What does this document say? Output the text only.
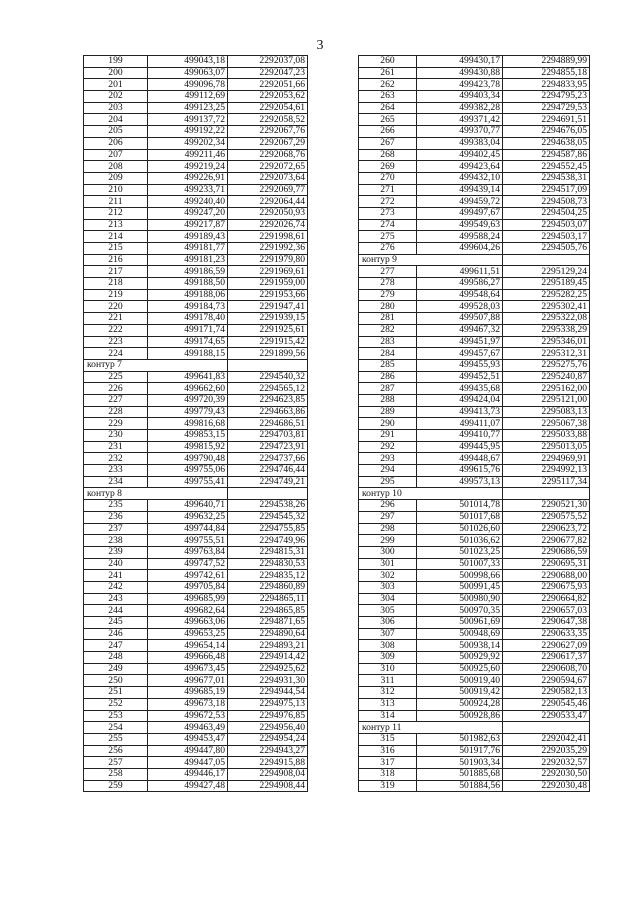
3
199	499043,18	2292037,08
200	499063,07	2292047,23
201	499096,78	2292051,66
202	499112,69	2292053,62
203	499123,25	2292054,61
204	499137,72	2292058,52
205	499192,22	2292067,76
206	499202,34	2292067,29
207	499211,46	2292068,76
208	499219,24	2292072,65
209	499226,91	2292073,64
210	499233,71	2292069,77
211	499240,40	2292064,44
212	499247,20	2292050,93
213	499217,87	2292026,74
214	499189,43	2291998,61
215	499181,77	2291992,36
216	499181,23	2291979,80
217	499186,59	2291969,61
218	499188,50	2291959,00
219	499188,06	2291953,66
220	499184,73	2291947,41
221	499178,40	2291939,15
222	499171,74	2291925,61
223	499174,65	2291915,42
224	499188,15	2291899,56
контур 7		
225	499641,83	2294540,32
226	499662,60	2294565,12
227	499720,39	2294623,85
228	499779,43	2294663,86
229	499816,68	2294686,51
230	499853,15	2294703,81
231	499815,92	2294723,91
232	499790,48	2294737,66
233	499755,06	2294746,44
234	499755,41	2294749,21
контур 8		
235	499640,71	2294538,26
236	499632,25	2294545,32
237	499744,84	2294755,85
238	499755,51	2294749,96
239	499763,84	2294815,31
240	499747,52	2294830,53
241	499742,61	2294835,12
242	499705,84	2294860,89
243	499685,99	2294865,11
244	499682,64	2294865,85
245	499663,06	2294871,65
246	499653,25	2294890,64
247	499654,14	2294893,21
248	499666,48	2294914,42
249	499673,45	2294925,62
250	499677,01	2294931,30
251	499685,19	2294944,54
252	499673,18	2294975,13
253	499672,53	2294976,85
254	499463,49	2294956,40
255	499453,47	2294954,24
256	499447,80	2294943,27
257	499447,05	2294915,88
258	499446,17	2294908,04
259	499427,48	2294908,44
260	499430,17	2294889,99
261	499430,88	2294855,18
262	499423,78	2294833,95
263	499403,34	2294795,23
264	499382,28	2294729,53
265	499371,42	2294691,51
266	499370,77	2294676,05
267	499383,04	2294638,05
268	499402,45	2294587,86
269	499423,64	2294552,45
270	499432,10	2294538,31
271	499439,14	2294517,09
272	499459,72	2294508,73
273	499497,67	2294504,25
274	499549,63	2294503,07
275	499588,24	2294503,17
276	499604,26	2294505,76
контур 9		
277	499611,51	2295129,24
278	499586,27	2295189,45
279	499548,64	2295282,25
280	499528,03	2295302,41
281	499507,88	2295322,08
282	499467,32	2295338,29
283	499451,97	2295346,01
284	499457,67	2295312,31
285	499455,93	2295275,76
286	499452,51	2295240,87
287	499435,68	2295162,00
288	499424,04	2295121,00
289	499413,73	2295083,13
290	499411,07	2295067,38
291	499410,77	2295033,88
292	499445,95	2295013,05
293	499448,67	2294969,91
294	499615,76	2294992,13
295	499573,13	2295117,34
контур 10		
296	501014,78	2290521,30
297	501017,68	2290575,52
298	501026,60	2290623,72
299	501036,62	2290677,82
300	501023,25	2290686,59
301	501007,33	2290695,31
302	500998,66	2290688,00
303	500991,45	2290675,93
304	500980,90	2290664,82
305	500970,35	2290657,03
306	500961,69	2290647,38
307	500948,69	2290633,35
308	500938,14	2290627,09
309	500929,92	2290617,37
310	500925,60	2290608,70
311	500919,40	2290594,67
312	500919,42	2290582,13
313	500924,28	2290545,46
314	500928,86	2290533,47
контур 11		
315	501982,63	2292042,41
316	501917,76	2292035,29
317	501903,34	2292032,57
318	501885,68	2292030,50
319	501884,56	2292030,48
